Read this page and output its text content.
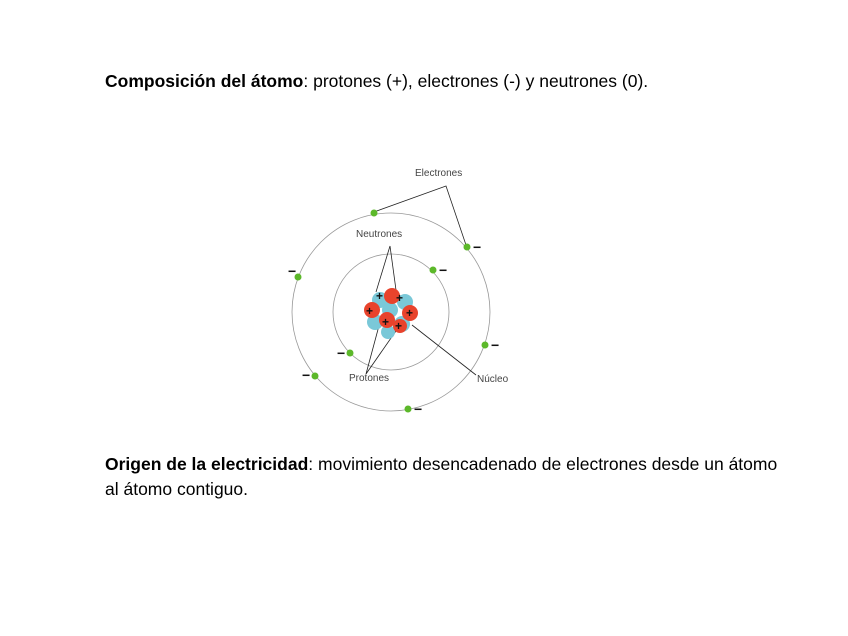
Composición del átomo: protones (+), electrones (-) y neutrones (0).
+ +
+	+
+ +
−
−	−
−	−
−
−
Electrones
Neutrones
Protones	Núcleo
Origen de la electricidad: movimiento desencadenado de electrones desde un átomo al átomo contiguo.
